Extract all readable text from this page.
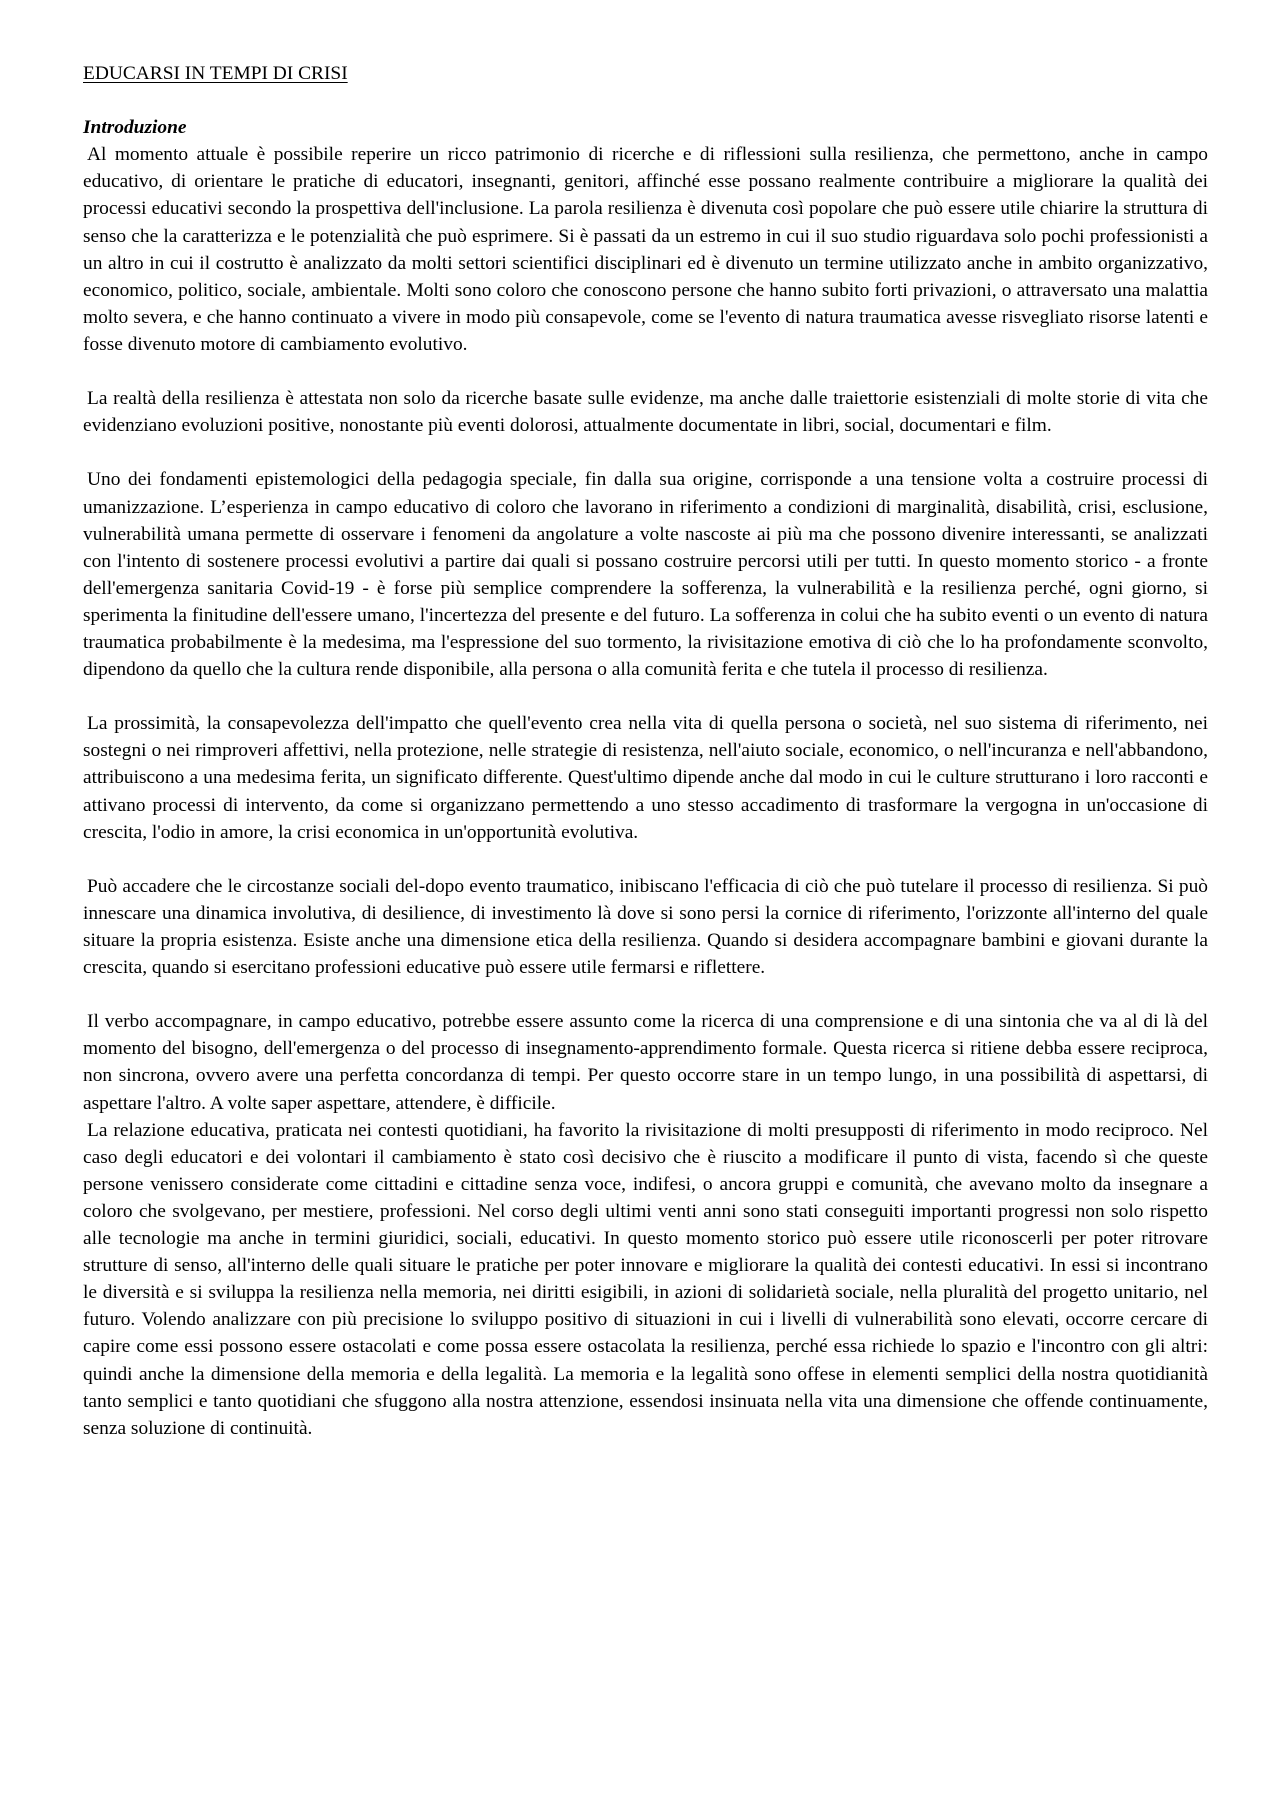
EDUCARSI IN TEMPI DI CRISI
Introduzione

Al momento attuale è possibile reperire un ricco patrimonio di ricerche e di riflessioni sulla resilienza, che permettono, anche in campo educativo, di orientare le pratiche di educatori, insegnanti, genitori, affinché esse possano realmente contribuire a migliorare la qualità dei processi educativi secondo la prospettiva dell'inclusione. La parola resilienza è divenuta così popolare che può essere utile chiarire la struttura di senso che la caratterizza e le potenzialità che può esprimere. Si è passati da un estremo in cui il suo studio riguardava solo pochi professionisti a un altro in cui il costrutto è analizzato da molti settori scientifici disciplinari ed è divenuto un termine utilizzato anche in ambito organizzativo, economico, politico, sociale, ambientale. Molti sono coloro che conoscono persone che hanno subito forti privazioni, o attraversato una malattia molto severa, e che hanno continuato a vivere in modo più consapevole, come se l'evento di natura traumatica avesse risvegliato risorse latenti e fosse divenuto motore di cambiamento evolutivo.

La realtà della resilienza è attestata non solo da ricerche basate sulle evidenze, ma anche dalle traiettorie esistenziali di molte storie di vita che evidenziano evoluzioni positive, nonostante più eventi dolorosi, attualmente documentate in libri, social, documentari e film.

Uno dei fondamenti epistemologici della pedagogia speciale, fin dalla sua origine, corrisponde a una tensione volta a costruire processi di umanizzazione. L’esperienza in campo educativo di coloro che lavorano in riferimento a condizioni di marginalità, disabilità, crisi, esclusione, vulnerabilità umana permette di osservare i fenomeni da angolature a volte nascoste ai più ma che possono divenire interessanti, se analizzati con l'intento di sostenere processi evolutivi a partire dai quali si possano costruire percorsi utili per tutti. In questo momento storico - a fronte dell'emergenza sanitaria Covid-19 - è forse più semplice comprendere la sofferenza, la vulnerabilità e la resilienza perché, ogni giorno, si sperimenta la finitudine dell'essere umano, l'incertezza del presente e del futuro. La sofferenza in colui che ha subito eventi o un evento di natura traumatica probabilmente è la medesima, ma l'espressione del suo tormento, la rivisitazione emotiva di ciò che lo ha profondamente sconvolto, dipendono da quello che la cultura rende disponibile, alla persona o alla comunità ferita e che tutela il processo di resilienza.

La prossimità, la consapevolezza dell'impatto che quell'evento crea nella vita di quella persona o società, nel suo sistema di riferimento, nei sostegni o nei rimproveri affettivi, nella protezione, nelle strategie di resistenza, nell'aiuto sociale, economico, o nell'incuranza e nell'abbandono, attribuiscono a una medesima ferita, un significato differente. Quest'ultimo dipende anche dal modo in cui le culture strutturano i loro racconti e attivano processi di intervento, da come si organizzano permettendo a uno stesso accadimento di trasformare la vergogna in un'occasione di crescita, l'odio in amore, la crisi economica in un'opportunità evolutiva.

Può accadere che le circostanze sociali del-dopo evento traumatico, inibiscano l'efficacia di ciò che può tutelare il processo di resilienza. Si può innescare una dinamica involutiva, di desilience, di investimento là dove si sono persi la cornice di riferimento, l'orizzonte all'interno del quale situare la propria esistenza. Esiste anche una dimensione etica della resilienza. Quando si desidera accompagnare bambini e giovani durante la crescita, quando si esercitano professioni educative può essere utile fermarsi e riflettere.

Il verbo accompagnare, in campo educativo, potrebbe essere assunto come la ricerca di una comprensione e di una sintonia che va al di là del momento del bisogno, dell'emergenza o del processo di insegnamento-apprendimento formale. Questa ricerca si ritiene debba essere reciproca, non sincrona, ovvero avere una perfetta concordanza di tempi. Per questo occorre stare in un tempo lungo, in una possibilità di aspettarsi, di aspettare l'altro. A volte saper aspettare, attendere, è difficile.

La relazione educativa, praticata nei contesti quotidiani, ha favorito la rivisitazione di molti presupposti di riferimento in modo reciproco. Nel caso degli educatori e dei volontari il cambiamento è stato così decisivo che è riuscito a modificare il punto di vista, facendo sì che queste persone venissero considerate come cittadini e cittadine senza voce, indifesi, o ancora gruppi e comunità, che avevano molto da insegnare a coloro che svolgevano, per mestiere, professioni. Nel corso degli ultimi venti anni sono stati conseguiti importanti progressi non solo rispetto alle tecnologie ma anche in termini giuridici, sociali, educativi. In questo momento storico può essere utile riconoscerli per poter ritrovare strutture di senso, all'interno delle quali situare le pratiche per poter innovare e migliorare la qualità dei contesti educativi. In essi si incontrano le diversità e si sviluppa la resilienza nella memoria, nei diritti esigibili, in azioni di solidarietà sociale, nella pluralità del progetto unitario, nel futuro. Volendo analizzare con più precisione lo sviluppo positivo di situazioni in cui i livelli di vulnerabilità sono elevati, occorre cercare di capire come essi possono essere ostacolati e come possa essere ostacolata la resilienza, perché essa richiede lo spazio e l'incontro con gli altri: quindi anche la dimensione della memoria e della legalità. La memoria e la legalità sono offese in elementi semplici della nostra quotidianità tanto semplici e tanto quotidiani che sfuggono alla nostra attenzione, essendosi insinuata nella vita una dimensione che offende continuamente, senza soluzione di continuità.
